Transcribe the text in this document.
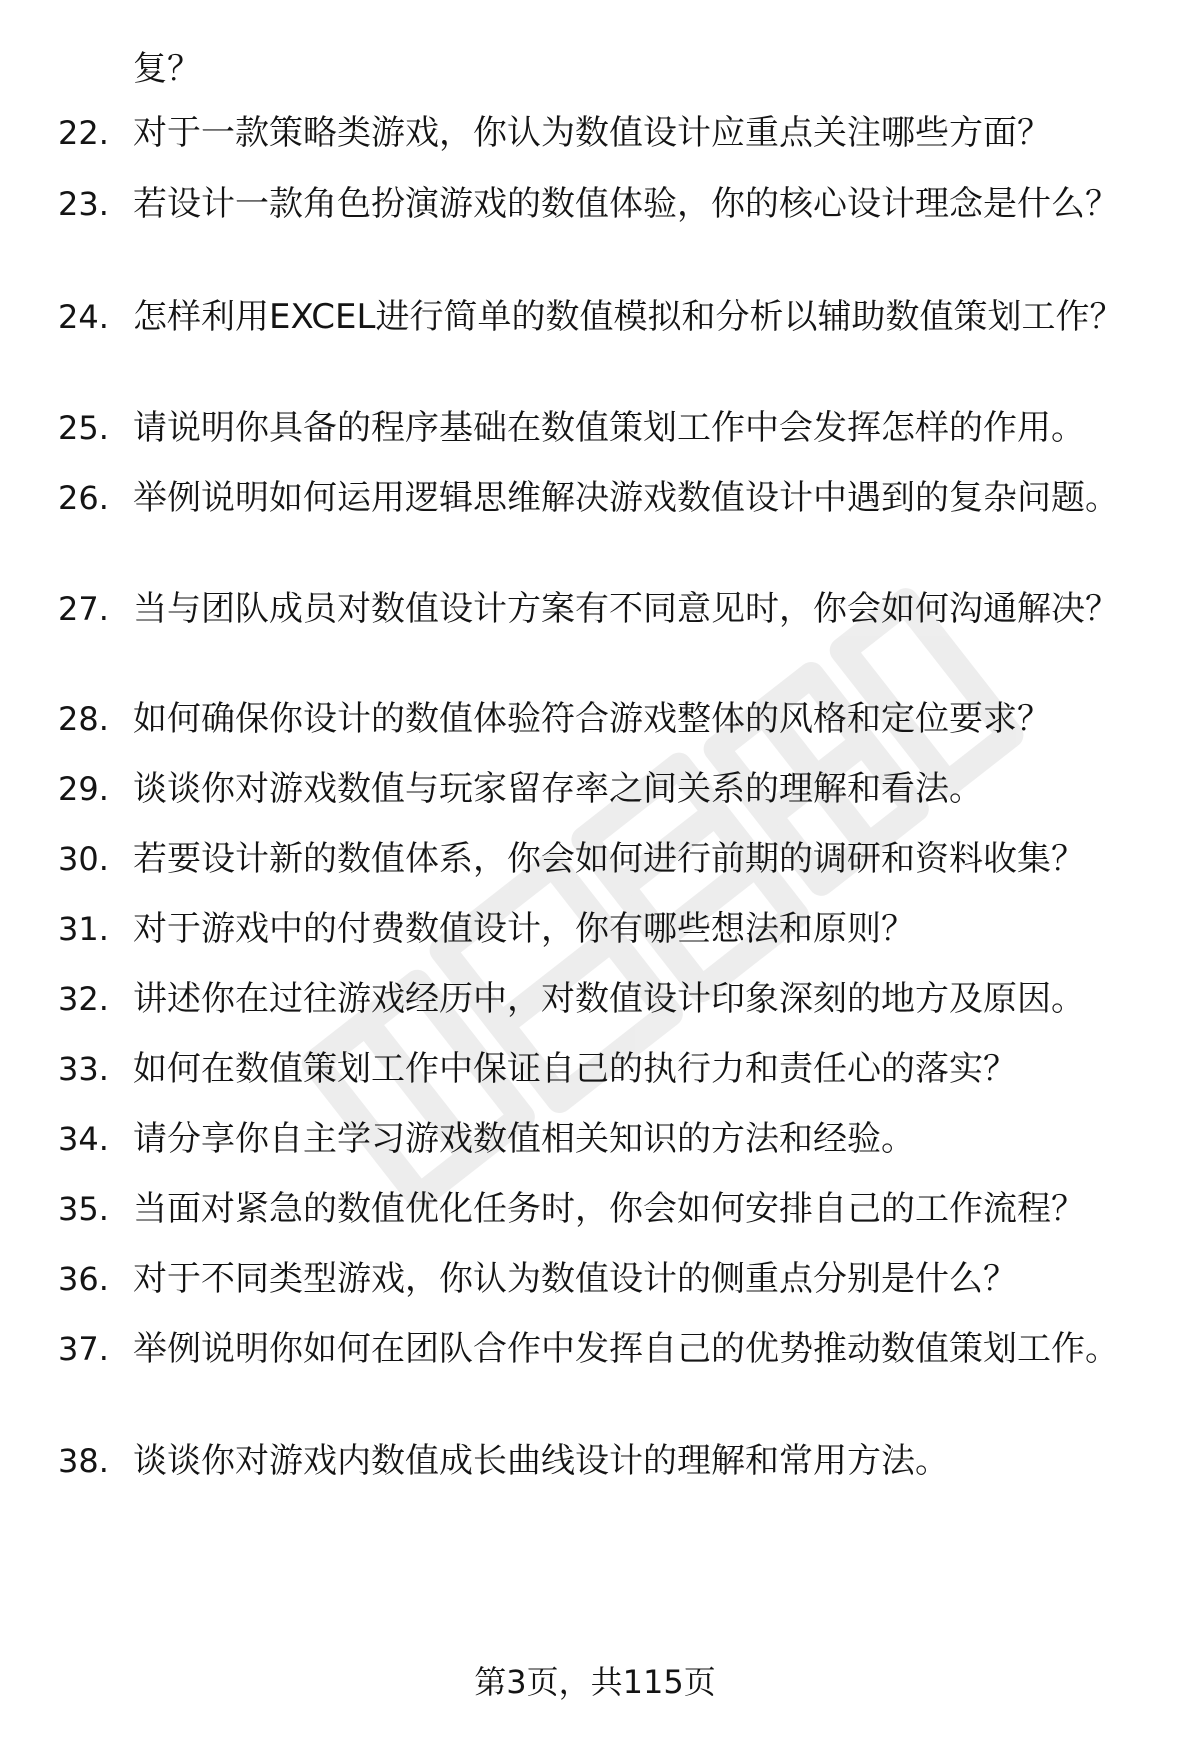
复？
22. 对于一款策略类游戏，你认为数值设计应重点关注哪些方面？
23. 若设计一款角色扮演游戏的数值体验，你的核心设计理念是什么？
24. 怎样利用EXCEL进行简单的数值模拟和分析以辅助数值策划工作？
25. 请说明你具备的程序基础在数值策划工作中会发挥怎样的作用。
26. 举例说明如何运用逻辑思维解决游戏数值设计中遇到的复杂问题。
27. 当与团队成员对数值设计方案有不同意见时，你会如何沟通解决？
28. 如何确保你设计的数值体验符合游戏整体的风格和定位要求？
29. 谈谈你对游戏数值与玩家留存率之间关系的理解和看法。
30. 若要设计新的数值体系，你会如何进行前期的调研和资料收集？
31. 对于游戏中的付费数值设计，你有哪些想法和原则？
32. 讲述你在过往游戏经历中，对数值设计印象深刻的地方及原因。
33. 如何在数值策划工作中保证自己的执行力和责任心的落实？
34. 请分享你自主学习游戏数值相关知识的方法和经验。
35. 当面对紧急的数值优化任务时，你会如何安排自己的工作流程？
36. 对于不同类型游戏，你认为数值设计的侧重点分别是什么？
37. 举例说明你如何在团队合作中发挥自己的优势推动数值策划工作。
38. 谈谈你对游戏内数值成长曲线设计的理解和常用方法。
第3页，共115页
